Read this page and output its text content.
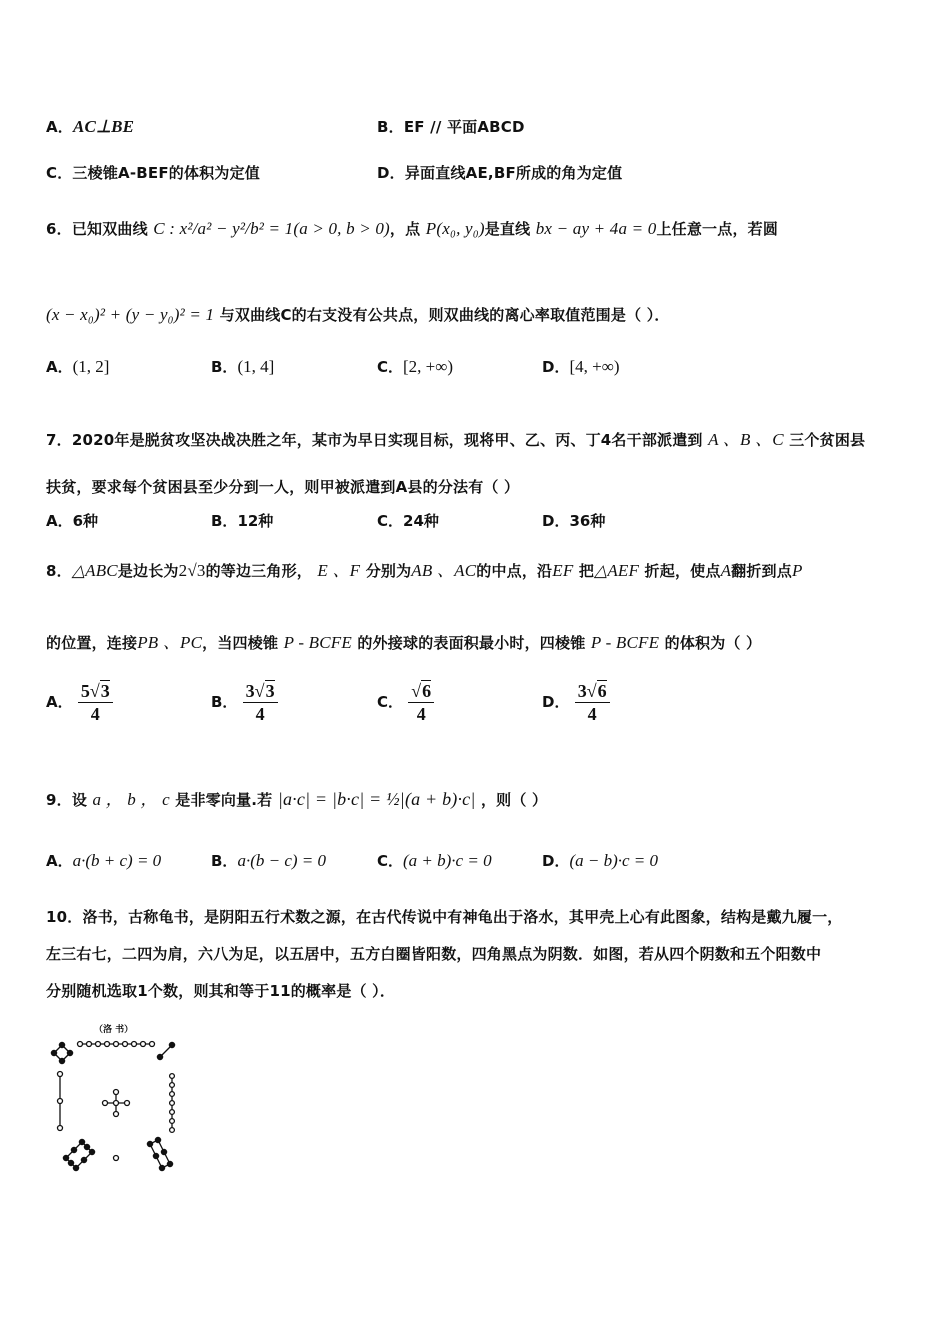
A．AC⊥BE	B．EF // 平面ABCD
C．三棱锥A-BEF的体积为定值	D．异面直线AE,BF所成的角为定值
6．已知双曲线 C : x²/a² − y²/b² = 1(a > 0, b > 0)，点 P(x₀, y₀)是直线 bx − ay + 4a = 0上任意一点，若圆
(x − x₀)² + (y − y₀)² = 1 与双曲线C的右支没有公共点，则双曲线的离心率取值范围是（ ）．
A．(1, 2]	B．(1, 4]	C．[2, +∞)	D．[4, +∞)
7．2020年是脱贫攻坚决战决胜之年，某市为早日实现目标，现将甲、乙、丙、丁4名干部派遣到 A 、B 、C 三个贫困县
扶贫，要求每个贫困县至少分到一人，则甲被派遣到A县的分法有（ ）
A．6种	B．12种	C．24种	D．36种
8．△ABC是边长为2√3的等边三角形， E 、F 分别为AB 、AC的中点，沿EF 把△AEF 折起，使点A翻折到点P
的位置，连接PB 、PC，当四棱锥 P - BCFE 的外接球的表面积最小时，四棱锥 P - BCFE 的体积为（ ）
A． $\frac{5√3}{4}$	B． $\frac{3√3}{4}$	C． $\frac{√6}{4}$	D． $\frac{3√6}{4}$
9．设 a ， b ， c 是非零向量.若 |a·c| = |b·c| = ½|(a + b)·c| ，则（ ）
A．a·(b + c) = 0	B．a·(b − c) = 0	C．(a + b)·c = 0	D．(a − b)·c = 0
10．洛书，古称龟书，是阴阳五行术数之源，在古代传说中有神龟出于洛水，其甲壳上心有此图象，结构是戴九履一，
左三右七，二四为肩，六八为足，以五居中，五方白圈皆阳数，四角黑点为阴数．如图，若从四个阴数和五个阳数中
分别随机选取1个数，则其和等于11的概率是（ ）．
（洛 书）
